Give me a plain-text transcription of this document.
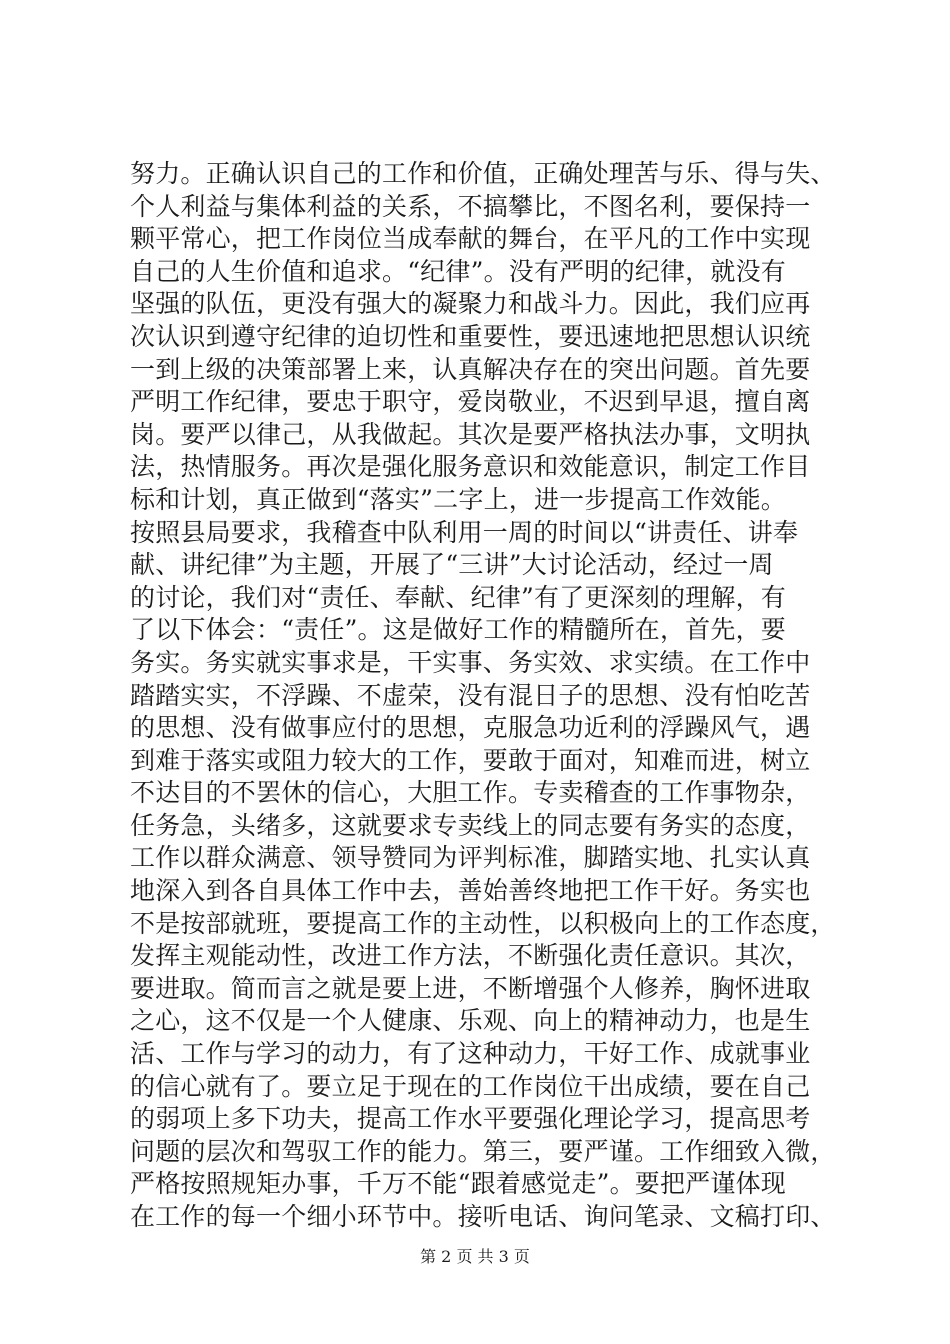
努力。正确认识自己的工作和价值，正确处理苦与乐、得与失、
个人利益与集体利益的关系，不搞攀比，不图名利，要保持一
颗平常心，把工作岗位当成奉献的舞台，在平凡的工作中实现
自己的人生价值和追求。“纪律”。没有严明的纪律，就没有
坚强的队伍，更没有强大的凝聚力和战斗力。因此，我们应再
次认识到遵守纪律的迫切性和重要性，要迅速地把思想认识统
一到上级的决策部署上来，认真解决存在的突出问题。首先要
严明工作纪律，要忠于职守，爱岗敬业，不迟到早退，擅自离
岗。要严以律己，从我做起。其次是要严格执法办事，文明执
法，热情服务。再次是强化服务意识和效能意识，制定工作目
标和计划，真正做到“落实”二字上，进一步提高工作效能。
按照县局要求，我稽查中队利用一周的时间以“讲责任、讲奉
献、讲纪律”为主题，开展了“三讲”大讨论活动，经过一周
的讨论，我们对“责任、奉献、纪律”有了更深刻的理解，有
了以下体会：“责任”。这是做好工作的精髓所在，首先，要
务实。务实就实事求是，干实事、务实效、求实绩。在工作中
踏踏实实，不浮躁、不虚荣，没有混日子的思想、没有怕吃苦
的思想、没有做事应付的思想，克服急功近利的浮躁风气，遇
到难于落实或阻力较大的工作，要敢于面对，知难而进，树立
不达目的不罢休的信心，大胆工作。专卖稽查的工作事物杂，
任务急，头绪多，这就要求专卖线上的同志要有务实的态度，
工作以群众满意、领导赞同为评判标准，脚踏实地、扎实认真
地深入到各自具体工作中去，善始善终地把工作干好。务实也
不是按部就班，要提高工作的主动性，以积极向上的工作态度，
发挥主观能动性，改进工作方法，不断强化责任意识。其次，
要进取。简而言之就是要上进，不断增强个人修养，胸怀进取
之心，这不仅是一个人健康、乐观、向上的精神动力，也是生
活、工作与学习的动力，有了这种动力，干好工作、成就事业
的信心就有了。要立足于现在的工作岗位干出成绩，要在自己
的弱项上多下功夫，提高工作水平要强化理论学习，提高思考
问题的层次和驾驭工作的能力。第三，要严谨。工作细致入微，
严格按照规矩办事，千万不能“跟着感觉走”。要把严谨体现
在工作的每一个细小环节中。接听电话、询问笔录、文稿打印、
第 2 页 共 3 页
